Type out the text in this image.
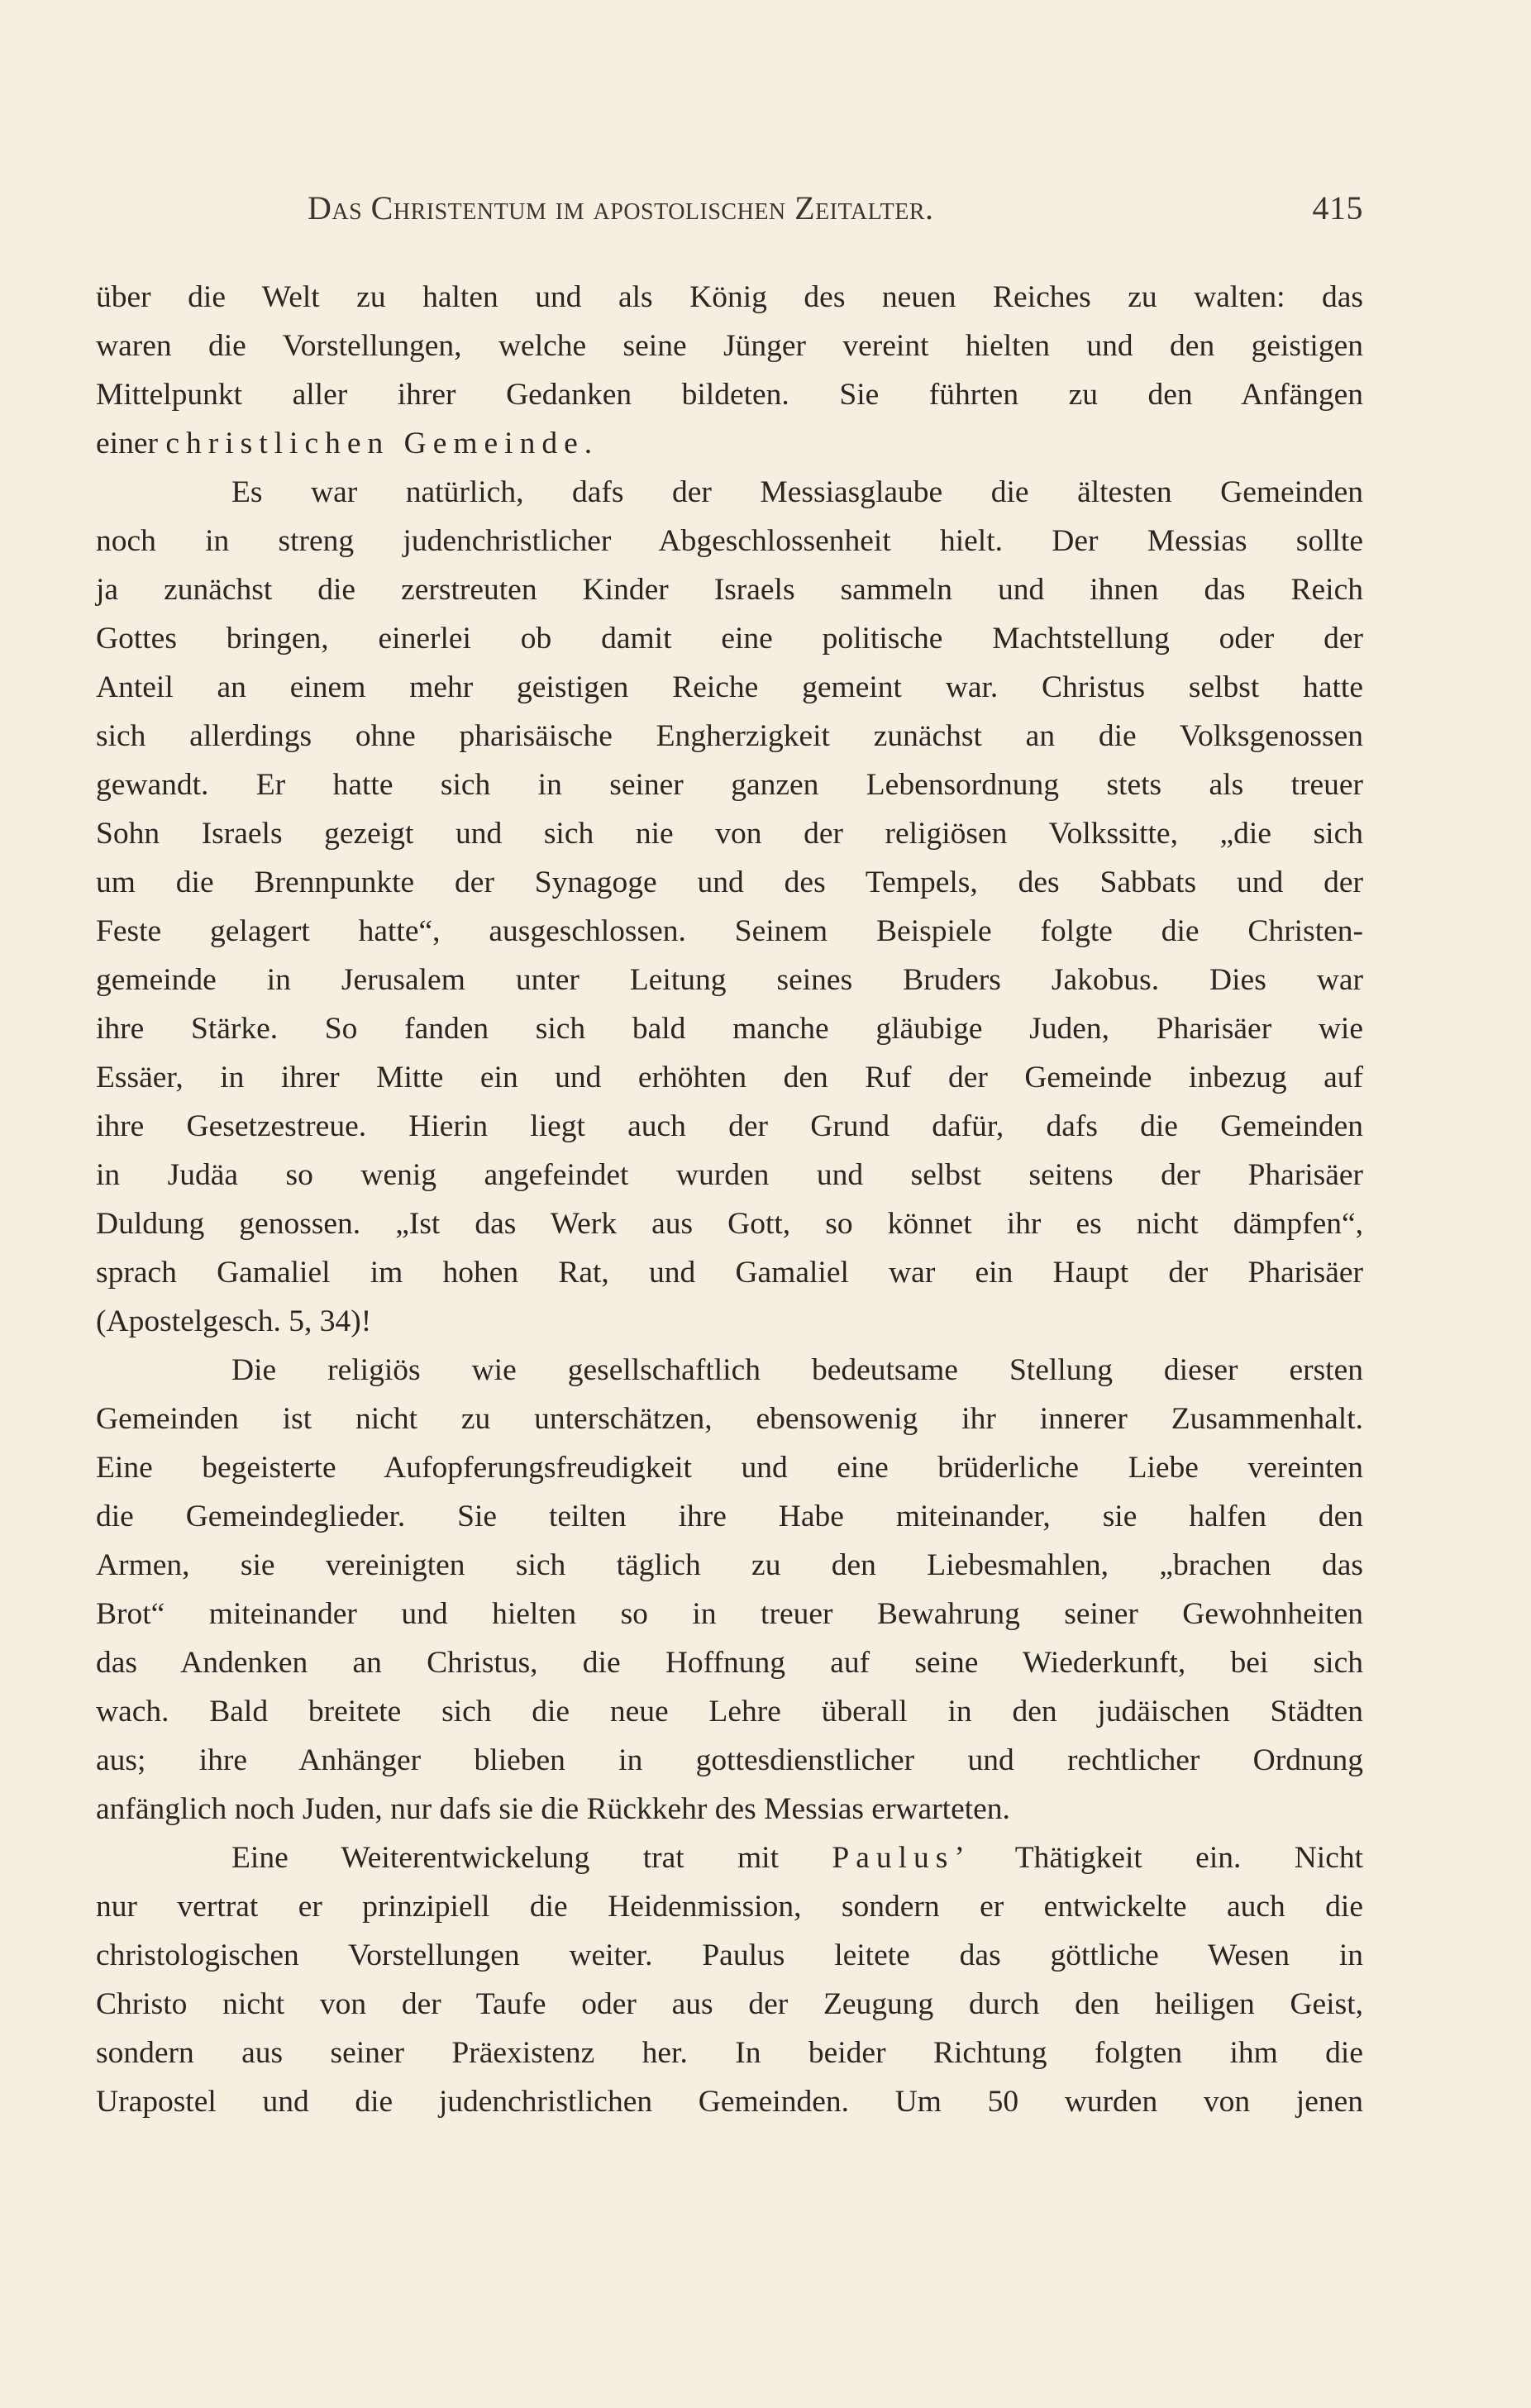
Das Christentum im apostolischen Zeitalter.	415
über die Welt zu halten und als König des neuen Reiches zu walten: das
waren die Vorstellungen, welche seine Jünger vereint hielten und den geistigen
Mittelpunkt aller ihrer Gedanken bildeten. Sie führten zu den Anfängen
einer christlichen Gemeinde.
Es war natürlich, dafs der Messiasglaube die ältesten Gemeinden
noch in streng judenchristlicher Abgeschlossenheit hielt. Der Messias sollte
ja zunächst die zerstreuten Kinder Israels sammeln und ihnen das Reich
Gottes bringen, einerlei ob damit eine politische Machtstellung oder der
Anteil an einem mehr geistigen Reiche gemeint war. Christus selbst hatte
sich allerdings ohne pharisäische Engherzigkeit zunächst an die Volksgenossen
gewandt. Er hatte sich in seiner ganzen Lebensordnung stets als treuer
Sohn Israels gezeigt und sich nie von der religiösen Volkssitte, „die sich
um die Brennpunkte der Synagoge und des Tempels, des Sabbats und der
Feste gelagert hatte“, ausgeschlossen. Seinem Beispiele folgte die Christen-
gemeinde in Jerusalem unter Leitung seines Bruders Jakobus. Dies war
ihre Stärke. So fanden sich bald manche gläubige Juden, Pharisäer wie
Essäer, in ihrer Mitte ein und erhöhten den Ruf der Gemeinde inbezug auf
ihre Gesetzestreue. Hierin liegt auch der Grund dafür, dafs die Gemeinden
in Judäa so wenig angefeindet wurden und selbst seitens der Pharisäer
Duldung genossen. „Ist das Werk aus Gott, so könnet ihr es nicht dämpfen“,
sprach Gamaliel im hohen Rat, und Gamaliel war ein Haupt der Pharisäer
(Apostelgesch. 5, 34)!
Die religiös wie gesellschaftlich bedeutsame Stellung dieser ersten
Gemeinden ist nicht zu unterschätzen, ebensowenig ihr innerer Zusammenhalt.
Eine begeisterte Aufopferungsfreudigkeit und eine brüderliche Liebe vereinten
die Gemeindeglieder. Sie teilten ihre Habe miteinander, sie halfen den
Armen, sie vereinigten sich täglich zu den Liebesmahlen, „brachen das
Brot“ miteinander und hielten so in treuer Bewahrung seiner Gewohnheiten
das Andenken an Christus, die Hoffnung auf seine Wiederkunft, bei sich
wach. Bald breitete sich die neue Lehre überall in den judäischen Städten
aus; ihre Anhänger blieben in gottesdienstlicher und rechtlicher Ordnung
anfänglich noch Juden, nur dafs sie die Rückkehr des Messias erwarteten.
Eine Weiterentwickelung trat mit Paulus’ Thätigkeit ein. Nicht
nur vertrat er prinzipiell die Heidenmission, sondern er entwickelte auch die
christologischen Vorstellungen weiter. Paulus leitete das göttliche Wesen in
Christo nicht von der Taufe oder aus der Zeugung durch den heiligen Geist,
sondern aus seiner Präexistenz her. In beider Richtung folgten ihm die
Urapostel und die judenchristlichen Gemeinden. Um 50 wurden von jenen
